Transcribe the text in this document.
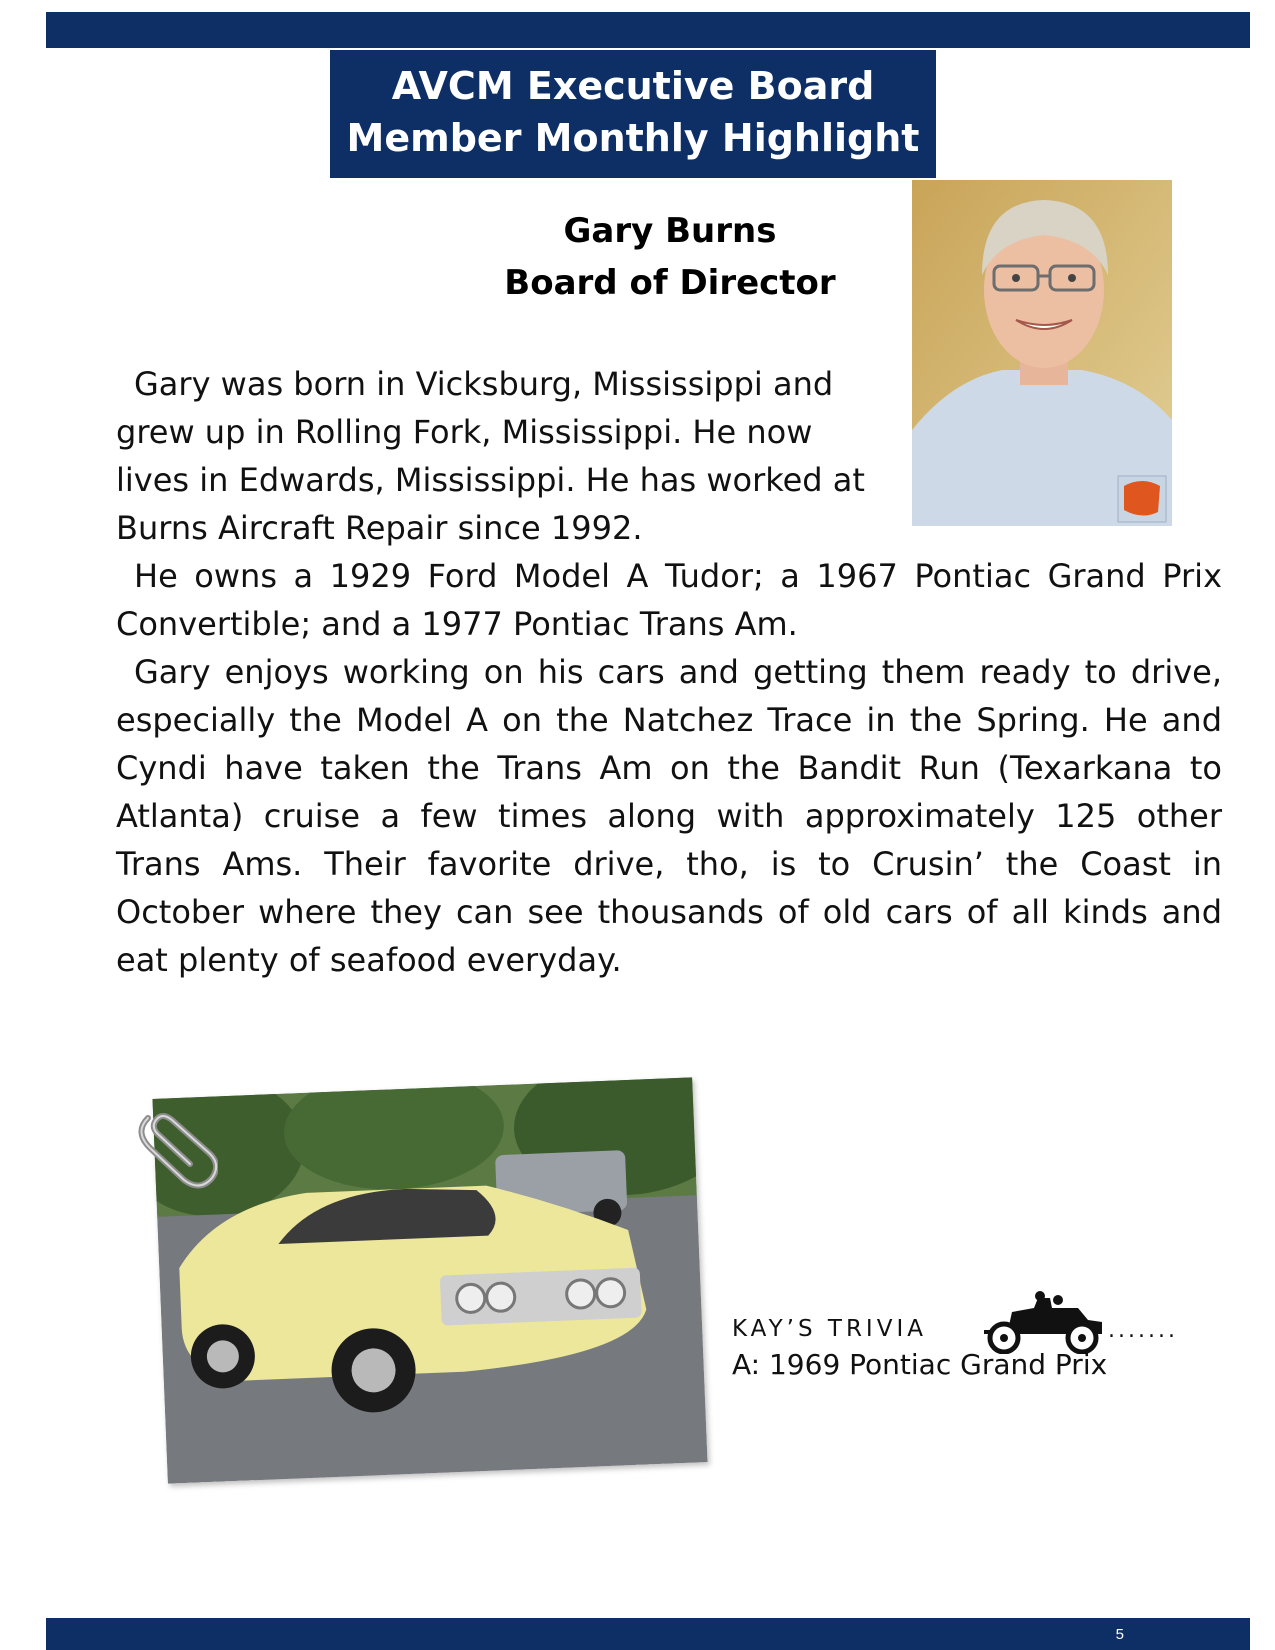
AVCM Executive Board
Member Monthly Highlight
Gary Burns
Board of Director

Gary was born in Vicksburg, Mississippi and grew up in Rolling Fork, Mississippi. He now lives in Edwards, Mississippi. He has worked at Burns Aircraft Repair since 1992.

He owns a 1929 Ford Model A Tudor; a 1967 Pontiac Grand Prix Convertible; and a 1977 Pontiac Trans Am.

Gary enjoys working on his cars and getting them ready to drive, especially the Model A on the Natchez Trace in the Spring. He and Cyndi have taken the Trans Am on the Bandit Run (Texarkana to Atlanta) cruise a few times along with approximately 125 other Trans Ams. Their favorite drive, tho, is to Crusin’ the Coast in October where they can see thousands of old cars of all kinds and eat plenty of seafood everyday.

KAY’S TRIVIA	.......
A: 1969 Pontiac Grand Prix
5
